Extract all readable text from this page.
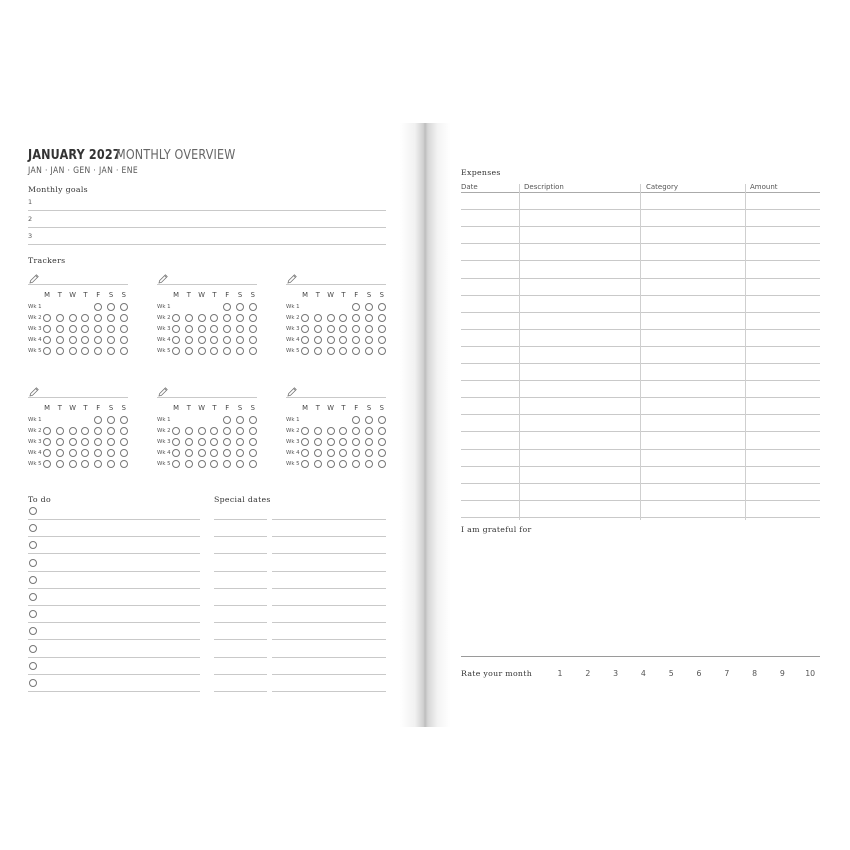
JANUARY 2027
MONTHLY OVERVIEW
JAN · JAN · GEN · JAN · ENE
Monthly goals
1
2
3
Trackers
M	T	W	T	F	S	S
Wk 1
Wk 2
Wk 3
Wk 4
Wk 5
M	T	W	T	F	S	S
Wk 1
Wk 2
Wk 3
Wk 4
Wk 5
M	T	W	T	F	S	S
Wk 1
Wk 2
Wk 3
Wk 4
Wk 5
M	T	W	T	F	S	S
Wk 1
Wk 2
Wk 3
Wk 4
Wk 5
M	T	W	T	F	S	S
Wk 1
Wk 2
Wk 3
Wk 4
Wk 5
M	T	W	T	F	S	S
Wk 1
Wk 2
Wk 3
Wk 4
Wk 5
To do	Special dates
Expenses
Date	Description	Category	Amount
I am grateful for
Rate your month	1	2	3	4	5	6	7	8	9	10
